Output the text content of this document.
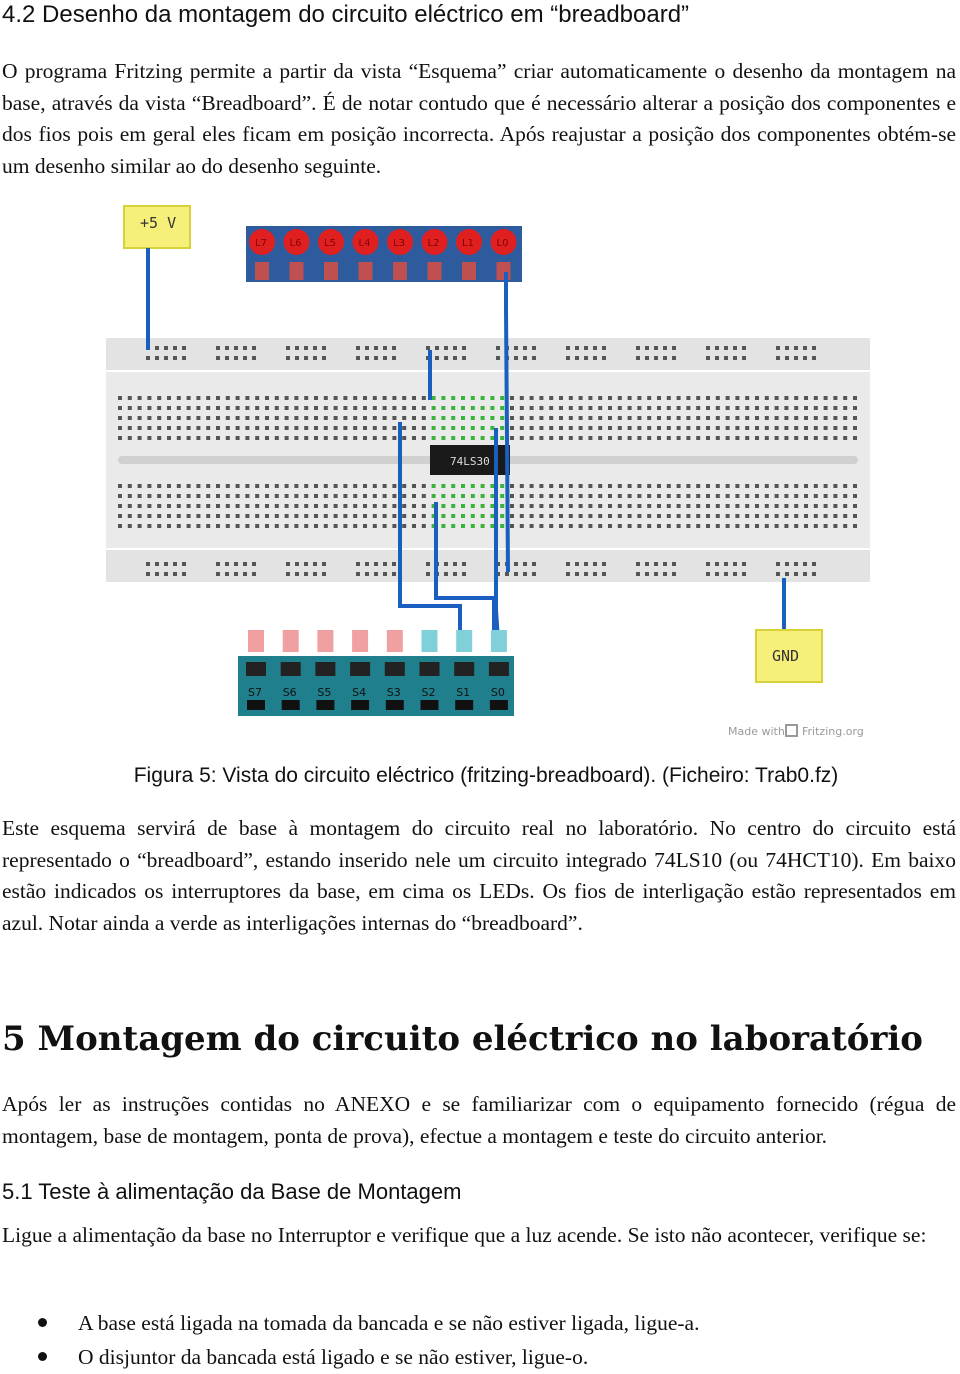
4.2 Desenho da montagem do circuito eléctrico em “breadboard”

O programa Fritzing permite a partir da vista “Esquema” criar automaticamente o desenho da montagem na base, através da vista “Breadboard”. É de notar contudo que é necessário alterar a posição dos componentes e dos fios pois em geral eles ficam em posição incorrecta. Após reajustar a posição dos componentes obtém-se um desenho similar ao do desenho seguinte.

+5 V
L7 L6 L5 L4 L3 L2 L1 L0
74LS30
GND
S7 S6 S5 S4 S3 S2 S1 S0
Made with Fritzing.org
Figura 5: Vista do circuito eléctrico (fritzing-breadboard). (Ficheiro: Trab0.fz)

Este esquema servirá de base à montagem do circuito real no laboratório. No centro do circuito está representado o “breadboard”, estando inserido nele um circuito integrado 74LS10 (ou 74HCT10). Em baixo estão indicados os interruptores da base, em cima os LEDs. Os fios de interligação estão representados em azul. Notar ainda a verde as interligações internas do “breadboard”.

5 Montagem do circuito eléctrico no laboratório

Após ler as instruções contidas no ANEXO e se familiarizar com o equipamento fornecido (régua de montagem, base de montagem, ponta de prova), efectue a montagem e teste do circuito anterior.

5.1 Teste à alimentação da Base de Montagem

Ligue a alimentação da base no Interruptor e verifique que a luz acende. Se isto não acontecer, verifique se:

A base está ligada na tomada da bancada e se não estiver ligada, ligue-a.
O disjuntor da bancada está ligado e se não estiver, ligue-o.
